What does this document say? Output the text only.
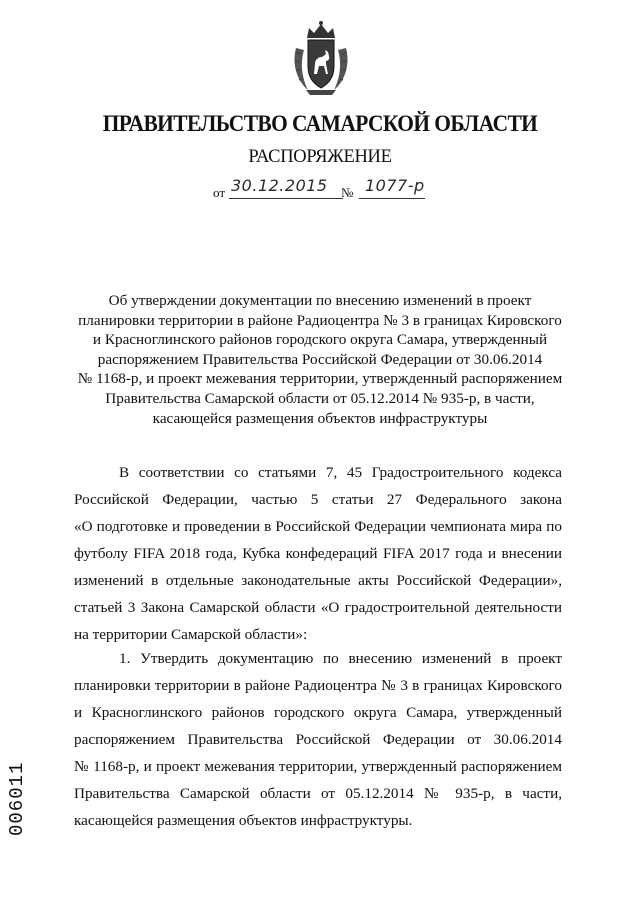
ПРАВИТЕЛЬСТВО САМАРСКОЙ ОБЛАСТИ
РАСПОРЯЖЕНИЕ
от 30.12.2015 № 1077-р
Об утверждении документации по внесению изменений в проект
планировки территории в районе Радиоцентра № 3 в границах Кировского
и Красноглинского районов городского округа Самара, утвержденный
распоряжением Правительства Российской Федерации от 30.06.2014
№ 1168-р, и проект межевания территории, утвержденный распоряжением
Правительства Самарской области от 05.12.2014 № 935-р, в части,
касающейся размещения объектов инфраструктуры
В соответствии со статьями 7, 45 Градостроительного кодекса
Российской Федерации, частью 5 статьи 27 Федерального закона
«О подготовке и проведении в Российской Федерации чемпионата мира по
футболу FIFA 2018 года, Кубка конфедераций FIFA 2017 года и внесении
изменений в отдельные законодательные акты Российской Федерации»,
статьей 3 Закона Самарской области «О градостроительной деятельности
на территории Самарской области»:
1. Утвердить документацию по внесению изменений в проект
планировки территории в районе Радиоцентра № 3 в границах Кировского
и Красноглинского районов городского округа Самара, утвержденный
распоряжением Правительства Российской Федерации от 30.06.2014
№ 1168-р, и проект межевания территории, утвержденный распоряжением
Правительства Самарской области от 05.12.2014 № 935-р, в части,
касающейся размещения объектов инфраструктуры.
006011
